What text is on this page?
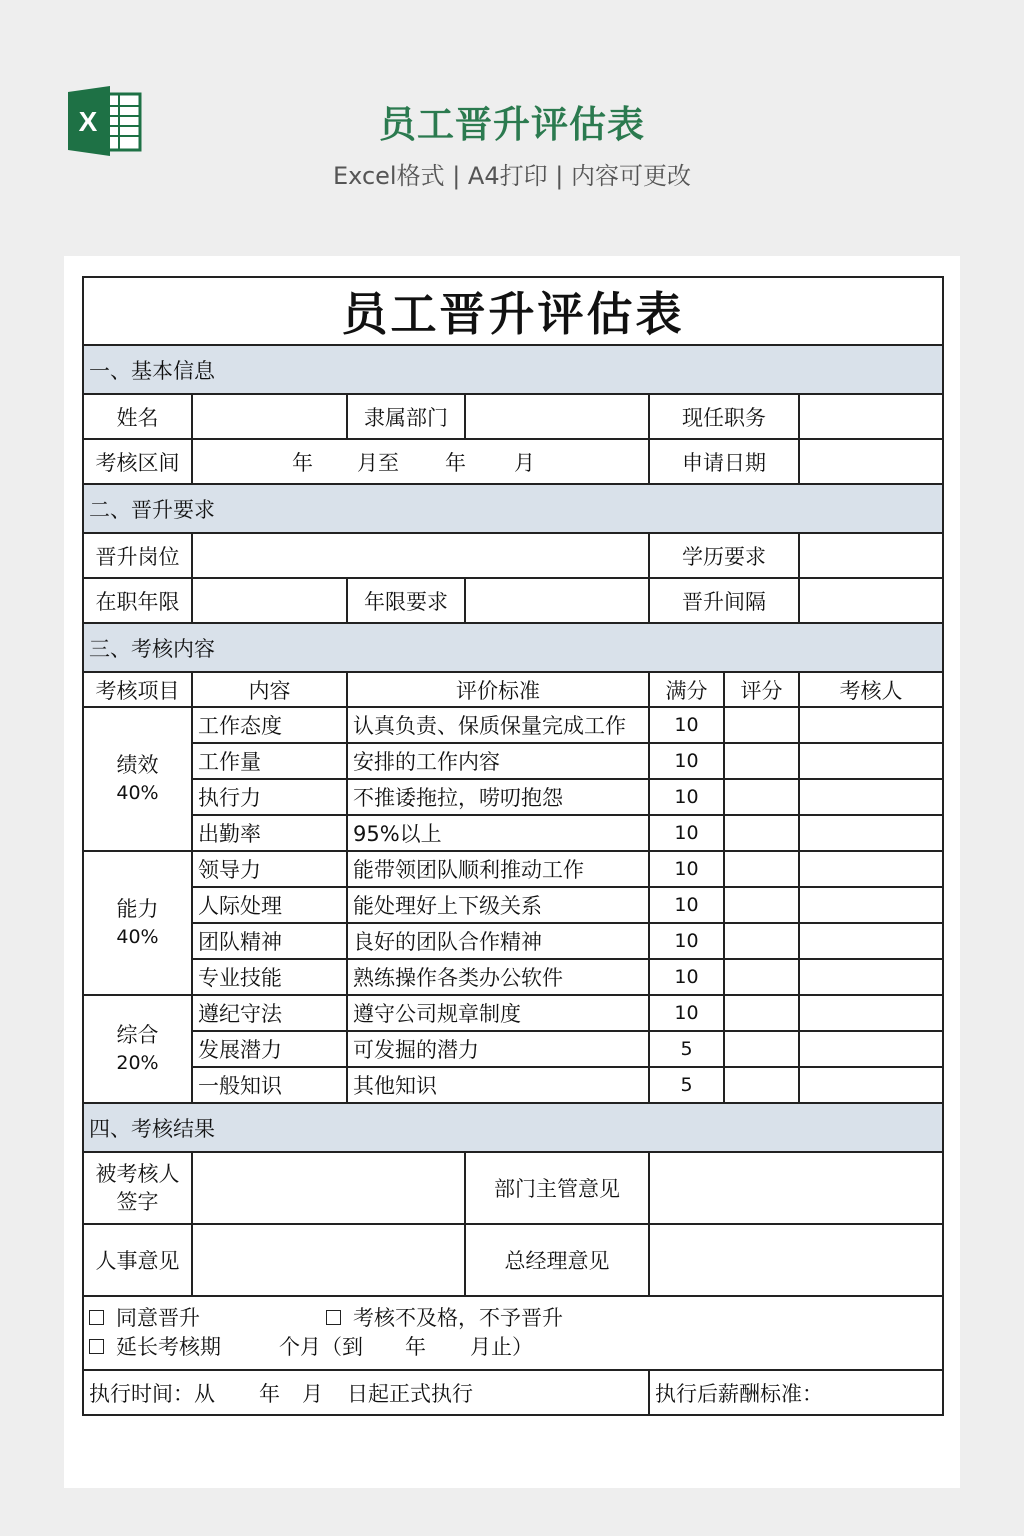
X	员工晋升评估表
Excel格式 | A4打印 | 内容可更改
员工晋升评估表						
一、基本信息						
姓名		隶属部门		现任职务		
考核区间	年 月至 年 月			申请日期		
二、晋升要求						
晋升岗位				学历要求		
在职年限		年限要求		晋升间隔		
三、考核内容						
考核项目	内容	评价标准		满分	评分	考核人

绩效
40%	工作态度	认真负责、保质保量完成工作		10		
	工作量	安排的工作内容		10		
	执行力	不推诿拖拉，唠叨抱怨		10		
	出勤率	95%以上		10		

能力
40%	领导力	能带领团队顺利推动工作		10		
	人际处理	能处理好上下级关系		10		
	团队精神	良好的团队合作精神		10		
	专业技能	熟练操作各类办公软件		10		

综合
20%	遵纪守法	遵守公司规章制度		10		
	发展潜力	可发掘的潜力		5		
	一般知识	其他知识		5		
四、考核结果						

被考核人
签字			部门主管意见			
人事意见			总经理意见			

同意晋升 考核不及格，不予晋升
延长考核期 个月（到 年 月止）						

执行时间：从 年 月 日起正式执行				执行后薪酬标准：		
